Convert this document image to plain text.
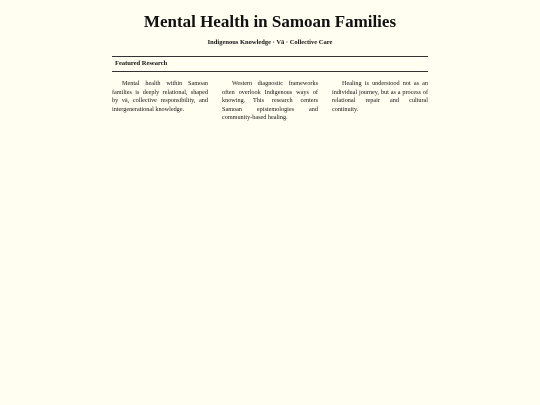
Mental Health in Samoan Families
Indigenous Knowledge · Vā · Collective Care
Featured Research

Mental health within Samoan families is deeply relational, shaped by vā, collective responsibility, and intergenerational knowledge.

Western diagnostic frameworks often overlook Indigenous ways of knowing. This research centers Samoan epistemologies and community-based healing.

Healing is understood not as an individual journey, but as a process of relational repair and cultural continuity.
